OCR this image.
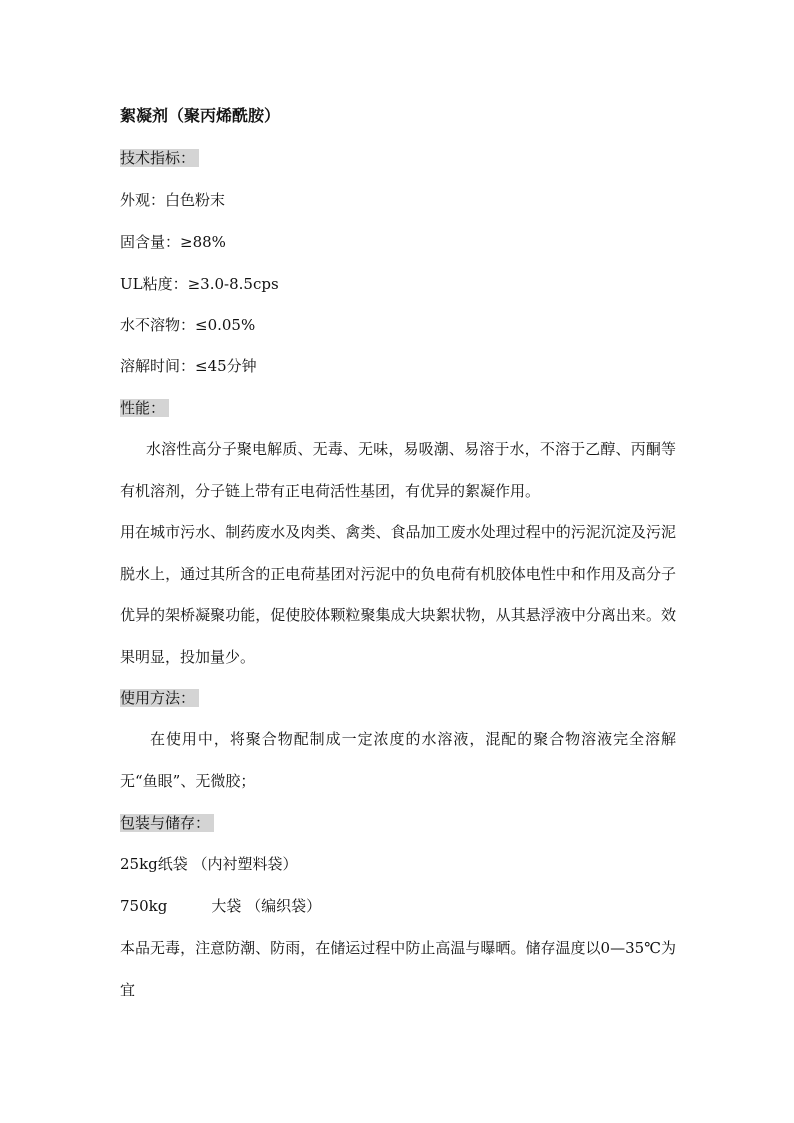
絮凝剂（聚丙烯酰胺）
技术指标：
外观：白色粉末
固含量：≥88%
UL粘度：≥3.0-8.5cps
水不溶物：≤0.05%
溶解时间：≤45分钟
性能：
水溶性高分子聚电解质、无毒、无味，易吸潮、易溶于水，不溶于乙醇、丙酮等有机溶剂，分子链上带有正电荷活性基团，有优异的絮凝作用。
用在城市污水、制药废水及肉类、禽类、食品加工废水处理过程中的污泥沉淀及污泥脱水上，通过其所含的正电荷基团对污泥中的负电荷有机胶体电性中和作用及高分子优异的架桥凝聚功能，促使胶体颗粒聚集成大块絮状物，从其悬浮液中分离出来。效果明显，投加量少。
使用方法：
在使用中，将聚合物配制成一定浓度的水溶液，混配的聚合物溶液完全溶解无“鱼眼”、无微胶；
包装与储存：
25kg纸袋 （内衬塑料袋）
750kg	大袋 （编织袋）
本品无毒，注意防潮、防雨，在储运过程中防止高温与曝晒。储存温度以0—35℃为宜
